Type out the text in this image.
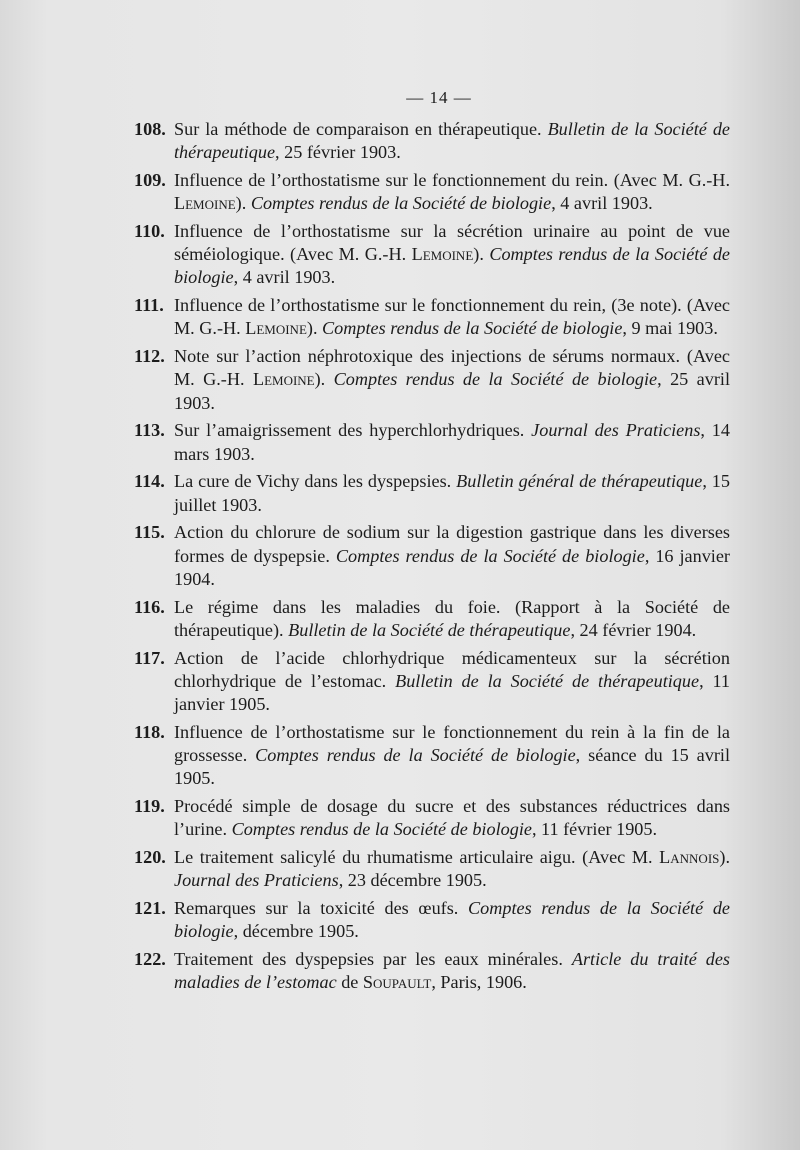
— 14 —
108. Sur la méthode de comparaison en thérapeutique. Bulletin de la Société de thérapeutique, 25 février 1903.
109. Influence de l’orthostatisme sur le fonctionnement du rein. (Avec M. G.-H. Lemoine). Comptes rendus de la Société de biologie, 4 avril 1903.
110. Influence de l’orthostatisme sur la sécrétion urinaire au point de vue séméiologique. (Avec M. G.-H. Lemoine). Comptes rendus de la Société de biologie, 4 avril 1903.
111. Influence de l’orthostatisme sur le fonctionnement du rein, (3e note). (Avec M. G.-H. Lemoine). Comptes rendus de la Société de biologie, 9 mai 1903.
112. Note sur l’action néphrotoxique des injections de sérums normaux. (Avec M. G.-H. Lemoine). Comptes rendus de la Société de biologie, 25 avril 1903.
113. Sur l’amaigrissement des hyperchlorhydriques. Journal des Praticiens, 14 mars 1903.
114. La cure de Vichy dans les dyspepsies. Bulletin général de thérapeutique, 15 juillet 1903.
115. Action du chlorure de sodium sur la digestion gastrique dans les diverses formes de dyspepsie. Comptes rendus de la Société de biologie, 16 janvier 1904.
116. Le régime dans les maladies du foie. (Rapport à la Société de thérapeutique). Bulletin de la Société de thérapeutique, 24 février 1904.
117. Action de l’acide chlorhydrique médicamenteux sur la sécrétion chlorhydrique de l’estomac. Bulletin de la Société de thérapeutique, 11 janvier 1905.
118. Influence de l’orthostatisme sur le fonctionnement du rein à la fin de la grossesse. Comptes rendus de la Société de biologie, séance du 15 avril 1905.
119. Procédé simple de dosage du sucre et des substances réductrices dans l’urine. Comptes rendus de la Société de biologie, 11 février 1905.
120. Le traitement salicylé du rhumatisme articulaire aigu. (Avec M. Lannois). Journal des Praticiens, 23 décembre 1905.
121. Remarques sur la toxicité des œufs. Comptes rendus de la Société de biologie, décembre 1905.
122. Traitement des dyspepsies par les eaux minérales. Article du traité des maladies de l’estomac de Soupault, Paris, 1906.
